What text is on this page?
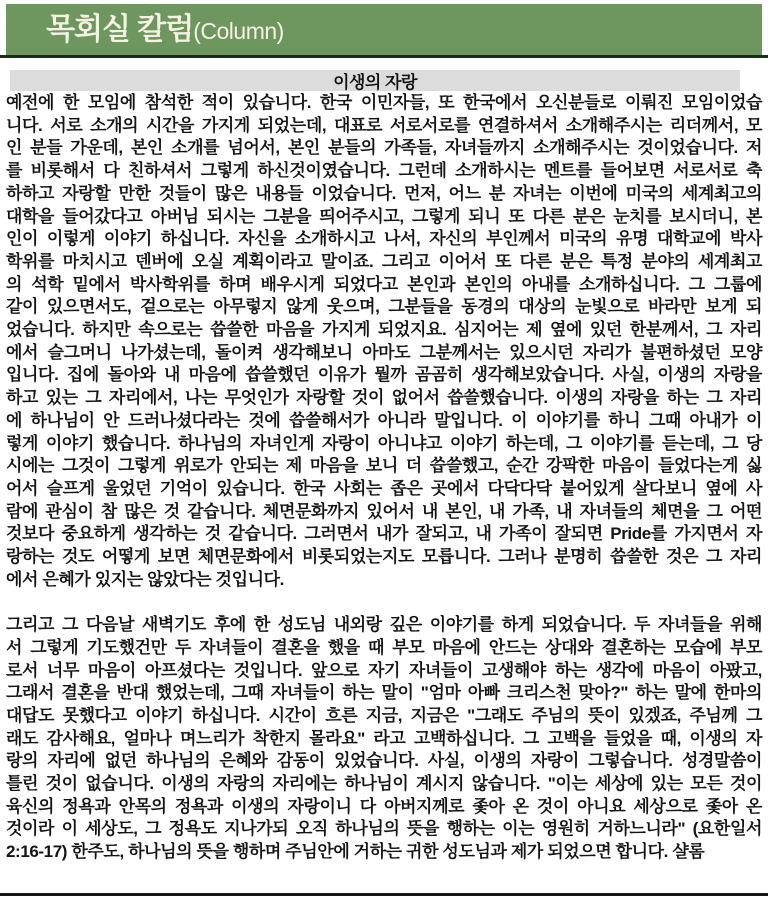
목회실 칼럼 (Column)
이생의 자랑
예전에 한 모임에 참석한 적이 있습니다. 한국 이민자들, 또 한국에서 오신분들로 이뤄진 모임이었습
니다. 서로 소개의 시간을 가지게 되었는데, 대표로 서로서로를 연결하셔서 소개해주시는 리더께서, 모
인 분들 가운데, 본인 소개를 넘어서, 본인 분들의 가족들, 자녀들까지 소개해주시는 것이었습니다. 저
를 비롯해서 다 친하셔서 그렇게 하신것이였습니다. 그런데 소개하시는 멘트를 들어보면 서로서로 축
하하고 자랑할 만한 것들이 많은 내용들 이었습니다. 먼저, 어느 분 자녀는 이번에 미국의 세계최고의
대학을 들어갔다고 아버님 되시는 그분을 띄어주시고, 그렇게 되니 또 다른 분은 눈치를 보시더니, 본
인이 이렇게 이야기 하십니다. 자신을 소개하시고 나서, 자신의 부인께서 미국의 유명 대학교에 박사
학위를 마치시고 덴버에 오실 계획이라고 말이죠. 그리고 이어서 또 다른 분은 특정 분야의 세계최고
의 석학 밑에서 박사학위를 하며 배우시게 되었다고 본인과 본인의 아내를 소개하십니다. 그 그룹에
같이 있으면서도, 겉으로는 아무렇지 않게 웃으며, 그분들을 동경의 대상의 눈빛으로 바라만 보게 되
었습니다. 하지만 속으로는 씁쓸한 마음을 가지게 되었지요. 심지어는 제 옆에 있던 한분께서, 그 자리
에서 슬그머니 나가셨는데, 돌이켜 생각해보니 아마도 그분께서는 있으시던 자리가 불편하셨던 모양
입니다. 집에 돌아와 내 마음에 씁쓸했던 이유가 뭘까 곰곰히 생각해보았습니다. 사실, 이생의 자랑을
하고 있는 그 자리에서, 나는 무엇인가 자랑할 것이 없어서 씁쓸했습니다. 이생의 자랑을 하는 그 자리
에 하나님이 안 드러나셨다라는 것에 씁쓸해서가 아니라 말입니다. 이 이야기를 하니 그때 아내가 이
렇게 이야기 했습니다. 하나님의 자녀인게 자랑이 아니냐고 이야기 하는데, 그 이야기를 듣는데, 그 당
시에는 그것이 그렇게 위로가 안되는 제 마음을 보니 더 씁쓸했고, 순간 강팍한 마음이 들었다는게 싫
어서 슬프게 울었던 기억이 있습니다. 한국 사회는 좁은 곳에서 다닥다닥 붙어있게 살다보니 옆에 사
람에 관심이 참 많은 것 같습니다. 체면문화까지 있어서 내 본인, 내 가족, 내 자녀들의 체면을 그 어떤
것보다 중요하게 생각하는 것 같습니다. 그러면서 내가 잘되고, 내 가족이 잘되면 Pride를 가지면서 자
랑하는 것도 어떻게 보면 체면문화에서 비롯되었는지도 모릅니다. 그러나 분명히 씁쓸한 것은 그 자리
에서 은혜가 있지는 않았다는 것입니다.
그리고 그 다음날 새벽기도 후에 한 성도님 내외랑 깊은 이야기를 하게 되었습니다. 두 자녀들을 위해
서 그렇게 기도했건만 두 자녀들이 결혼을 했을 때 부모 마음에 안드는 상대와 결혼하는 모습에 부모
로서 너무 마음이 아프셨다는 것입니다. 앞으로 자기 자녀들이 고생해야 하는 생각에 마음이 아팠고,
그래서 결혼을 반대 했었는데, 그때 자녀들이 하는 말이 "엄마 아빠 크리스천 맞아?" 하는 말에 한마의
대답도 못했다고 이야기 하십니다. 시간이 흐른 지금, 지금은 "그래도 주님의 뜻이 있겠죠, 주님께 그
래도 감사해요, 얼마나 며느리가 착한지 몰라요" 라고 고백하십니다. 그 고백을 들었을 때, 이생의 자
랑의 자리에 없던 하나님의 은혜와 감동이 있었습니다. 사실, 이생의 자랑이 그렇습니다. 성경말씀이
틀린 것이 없습니다. 이생의 자랑의 자리에는 하나님이 계시지 않습니다. "이는 세상에 있는 모든 것이
육신의 정욕과 안목의 정욕과 이생의 자랑이니 다 아버지께로 좇아 온 것이 아니요 세상으로 좇아 온
것이라 이 세상도, 그 정욕도 지나가되 오직 하나님의 뜻을 행하는 이는 영원히 거하느니라" (요한일서
2:16-17) 한주도, 하나님의 뜻을 행하며 주님안에 거하는 귀한 성도님과 제가 되었으면 합니다. 샬롬
